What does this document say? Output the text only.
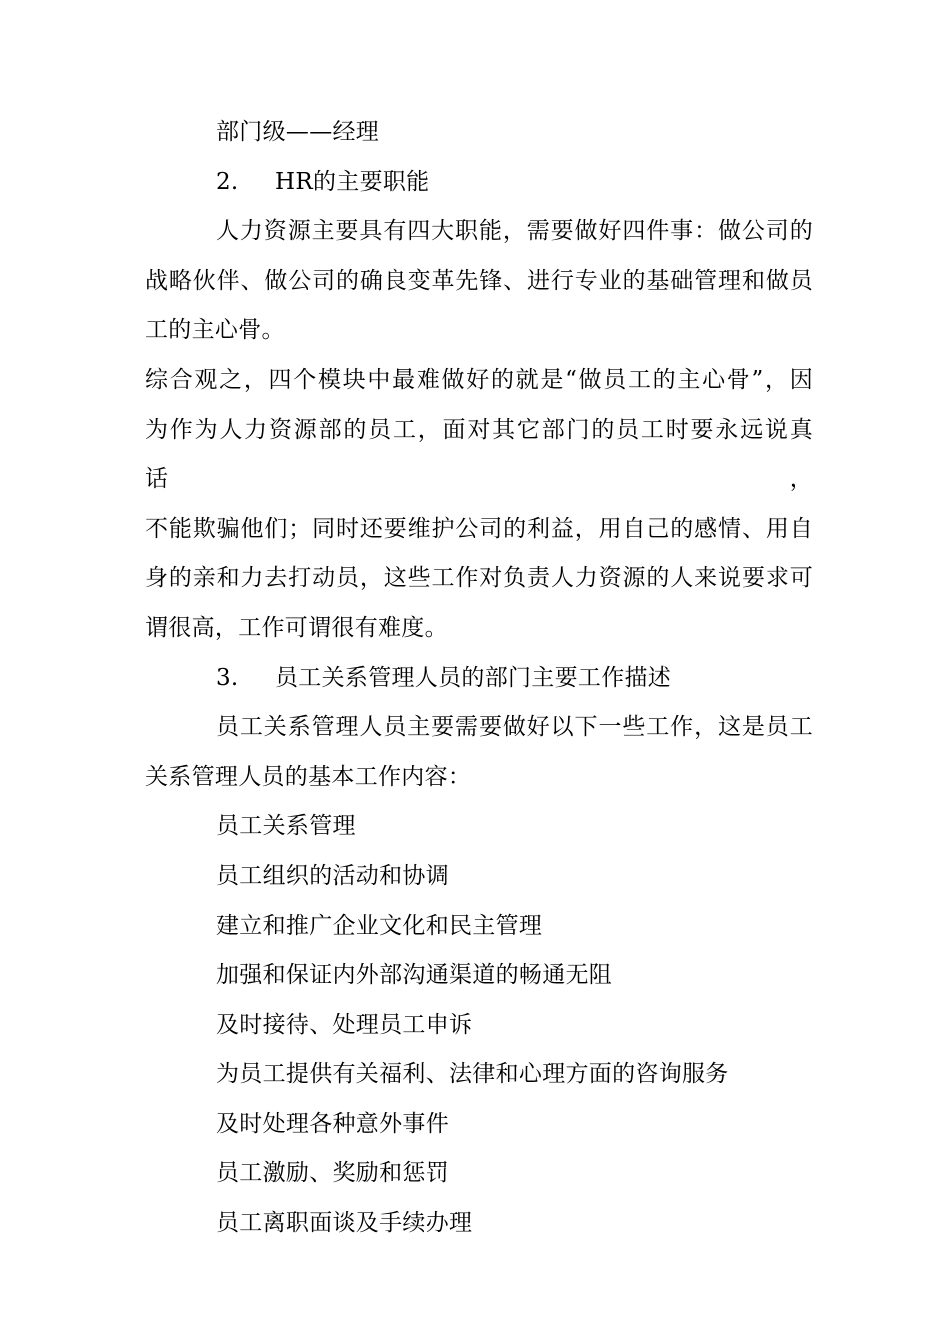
部门级——经理

2. HR的主要职能

人力资源主要具有四大职能，需要做好四件事：做公司的

战略伙伴、做公司的确良变革先锋、进行专业的基础管理和做员

工的主心骨。

综合观之，四个模块中最难做好的就是“做员工的主心骨”，因

为作为人力资源部的员工，面对其它部门的员工时要永远说真话，

不能欺骗他们；同时还要维护公司的利益，用自己的感情、用自

身的亲和力去打动员，这些工作对负责人力资源的人来说要求可

谓很高，工作可谓很有难度。

3. 员工关系管理人员的部门主要工作描述

员工关系管理人员主要需要做好以下一些工作，这是员工

关系管理人员的基本工作内容：

员工关系管理

员工组织的活动和协调

建立和推广企业文化和民主管理

加强和保证内外部沟通渠道的畅通无阻

及时接待、处理员工申诉

为员工提供有关福利、法律和心理方面的咨询服务

及时处理各种意外事件

员工激励、奖励和惩罚

员工离职面谈及手续办理
